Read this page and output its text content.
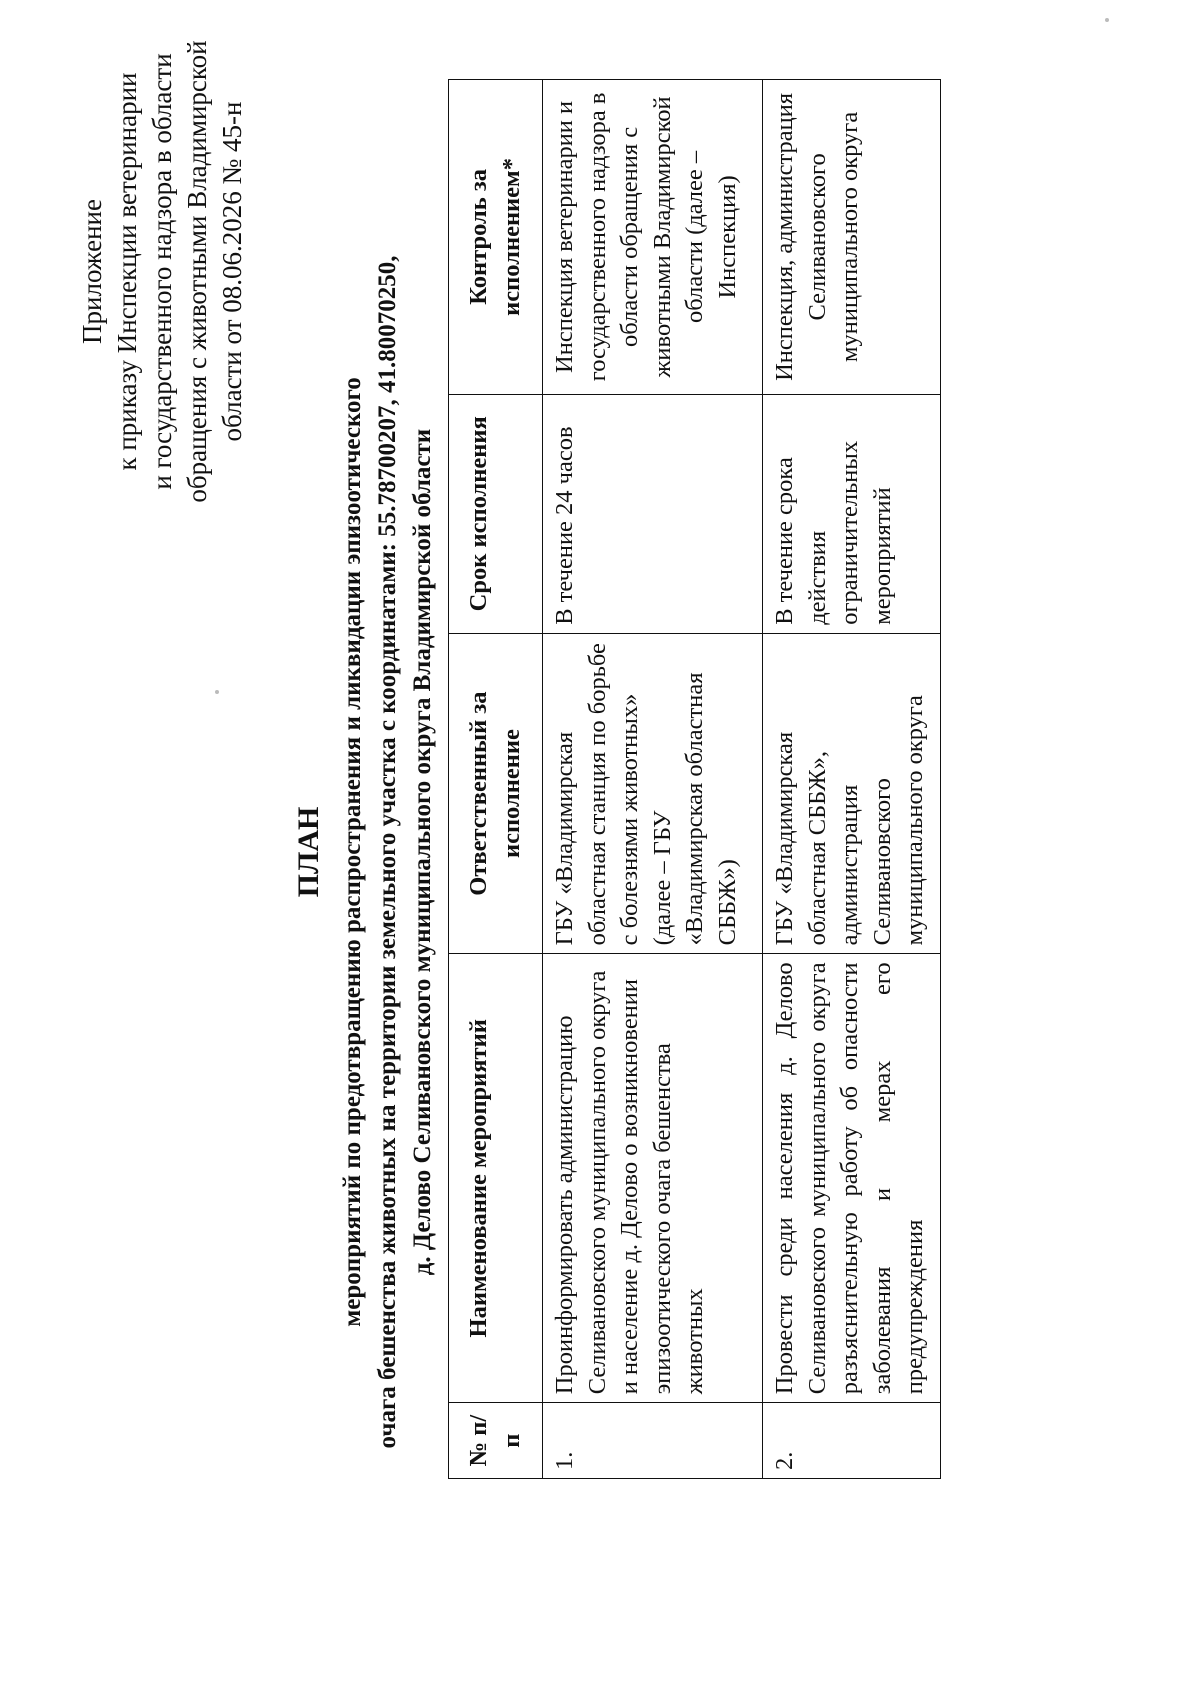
Приложение к приказу Инспекции ветеринарии и государственного надзора в области обращения с животными Владимирской области от 08.06.2026 № 45-н
ПЛАН мероприятий по предотвращению распространения и ликвидации эпизоотического очага бешенства животных на территории земельного участка с координатами: 55.78700207, 41.80070250, д. Делово Селивановского муниципального округа Владимирской области
№ п/п	Наименование мероприятий	Ответственный за исполнение	Срок исполнения	Контроль за исполнением*
1.	Проинформировать администрацию Селивановского муниципального округа и население д. Делово о возникновении эпизоотического очага бешенства животных	ГБУ «Владимирская областная станция по борьбе с болезнями животных» (далее – ГБУ «Владимирская областная СББЖ»)	В течение 24 часов	Инспекция ветеринарии и государственного надзора в области обращения с животными Владимирской области (далее – Инспекция)
2.	Провести среди населения д. Делово Селивановского муниципального округа разъяснительную работу об опасности заболевания и мерах его предупреждения	ГБУ «Владимирская областная СББЖ», администрация Селивановского муниципального округа	В течение срока действия ограничительных мероприятий	Инспекция, администрация Селивановского муниципального округа
